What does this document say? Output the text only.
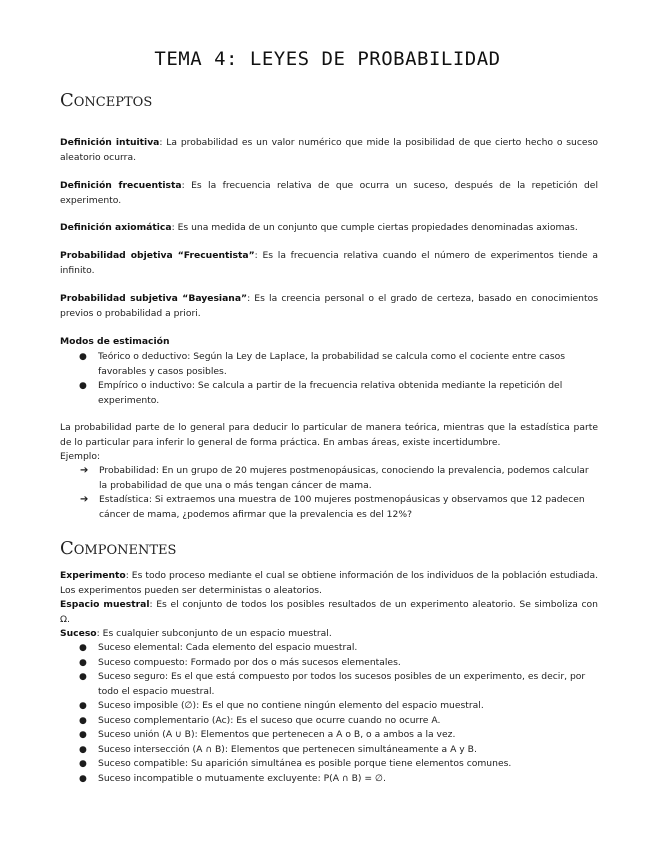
TEMA 4: LEYES DE PROBABILIDAD
Conceptos

Definición intuitiva: La probabilidad es un valor numérico que mide la posibilidad de que cierto hecho o suceso aleatorio ocurra.

Definición frecuentista: Es la frecuencia relativa de que ocurra un suceso, después de la repetición del experimento.

Definición axiomática: Es una medida de un conjunto que cumple ciertas propiedades denominadas axiomas.

Probabilidad objetiva “Frecuentista”: Es la frecuencia relativa cuando el número de experimentos tiende a infinito.

Probabilidad subjetiva “Bayesiana”: Es la creencia personal o el grado de certeza, basado en conocimientos previos o probabilidad a priori.

Modos de estimación

● Teórico o deductivo: Según la Ley de Laplace, la probabilidad se calcula como el cociente entre casos favorables y casos posibles.
● Empírico o inductivo: Se calcula a partir de la frecuencia relativa obtenida mediante la repetición del experimento.

La probabilidad parte de lo general para deducir lo particular de manera teórica, mientras que la estadística parte de lo particular para inferir lo general de forma práctica. En ambas áreas, existe incertidumbre.

Ejemplo:

➔ Probabilidad: En un grupo de 20 mujeres postmenopáusicas, conociendo la prevalencia, podemos calcular la probabilidad de que una o más tengan cáncer de mama.
➔ Estadística: Si extraemos una muestra de 100 mujeres postmenopáusicas y observamos que 12 padecen cáncer de mama, ¿podemos afirmar que la prevalencia es del 12%?
Componentes

Experimento: Es todo proceso mediante el cual se obtiene información de los individuos de la población estudiada. Los experimentos pueden ser deterministas o aleatorios.

Espacio muestral: Es el conjunto de todos los posibles resultados de un experimento aleatorio. Se simboliza con Ω.

Suceso: Es cualquier subconjunto de un espacio muestral.

● Suceso elemental: Cada elemento del espacio muestral.
● Suceso compuesto: Formado por dos o más sucesos elementales.
● Suceso seguro: Es el que está compuesto por todos los sucesos posibles de un experimento, es decir, por todo el espacio muestral.
● Suceso imposible (∅): Es el que no contiene ningún elemento del espacio muestral.
● Suceso complementario (Ac): Es el suceso que ocurre cuando no ocurre A.
● Suceso unión (A ∪ B): Elementos que pertenecen a A o B, o a ambos a la vez.
● Suceso intersección (A ∩ B): Elementos que pertenecen simultáneamente a A y B.
● Suceso compatible: Su aparición simultánea es posible porque tiene elementos comunes.
● Suceso incompatible o mutuamente excluyente: P(A ∩ B) = ∅.
